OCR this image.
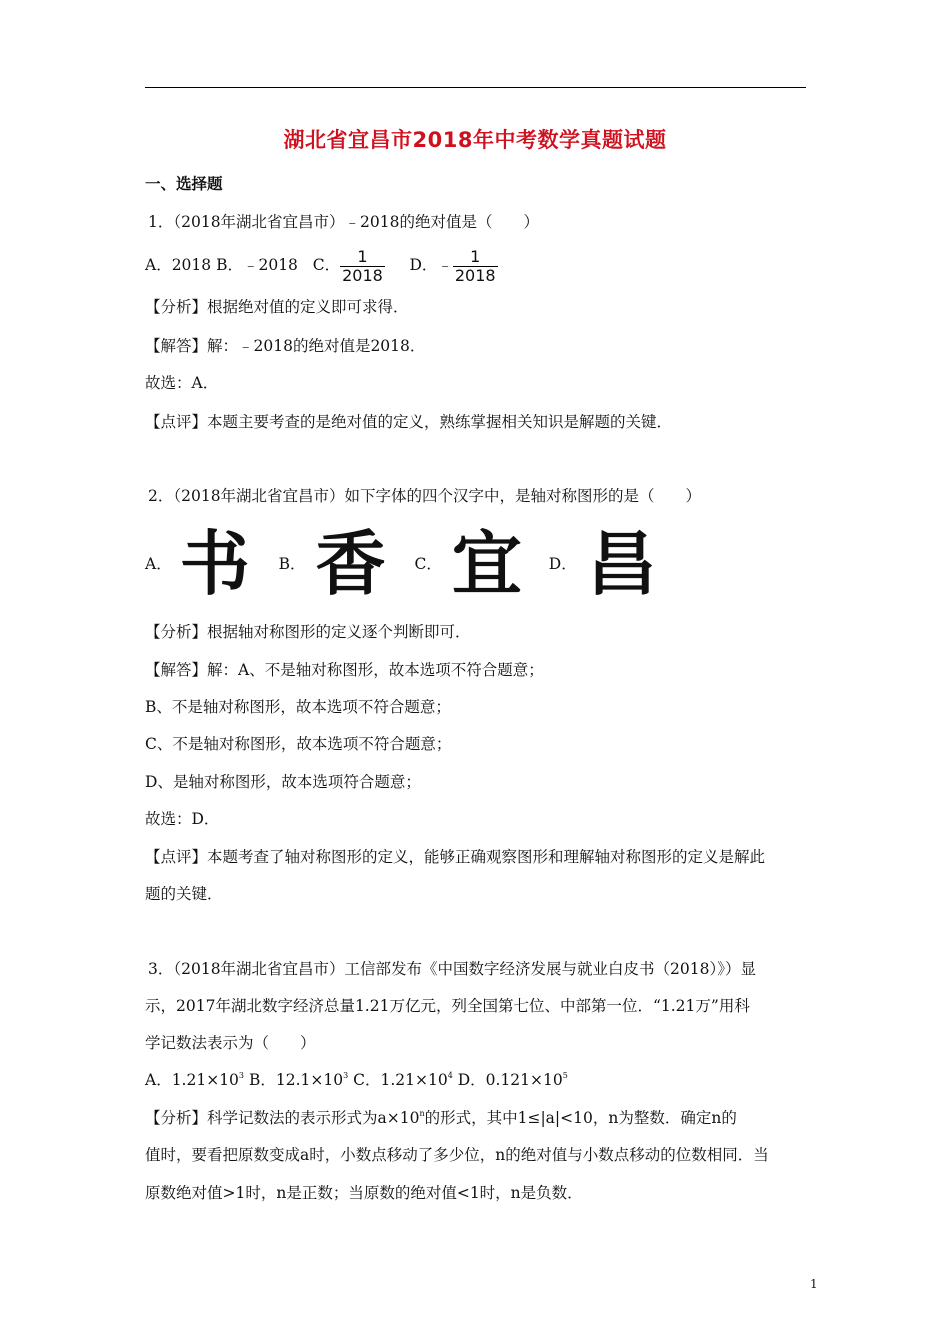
湖北省宜昌市2018年中考数学真题试题
一、选择题
1．（2018年湖北省宜昌市）﹣2018的绝对值是（　　）
A．2018 B．﹣2018 C． $\frac{1}{2018}$ D．﹣ $\frac{1}{2018}$
【分析】根据绝对值的定义即可求得．
【解答】解：﹣2018的绝对值是2018．
故选：A．
【点评】本题主要考查的是绝对值的定义，熟练掌握相关知识是解题的关键．
2．（2018年湖北省宜昌市）如下字体的四个汉字中，是轴对称图形的是（　　）
A． 书 B． 香 C． 宜 D． 昌
【分析】根据轴对称图形的定义逐个判断即可．
【解答】解：A、不是轴对称图形，故本选项不符合题意；
B、不是轴对称图形，故本选项不符合题意；
C、不是轴对称图形，故本选项不符合题意；
D、是轴对称图形，故本选项符合题意；
故选：D．
【点评】本题考查了轴对称图形的定义，能够正确观察图形和理解轴对称图形的定义是解此
题的关键．
3．（2018年湖北省宜昌市）工信部发布《中国数字经济发展与就业白皮书（2018）》）显
示，2017年湖北数字经济总量1.21万亿元，列全国第七位、中部第一位．“1.21万”用科
学记数法表示为（　　）
A．$1.21\times 10^3$ B．$12.1\times 10^3$ C．$1.21\times 10^4$ D．$0.121\times 10^5$
【分析】科学记数法的表示形式为$a\times 10^n$的形式，其中1≤|a|<10，n为整数．确定n的
值时，要看把原数变成a时，小数点移动了多少位，n的绝对值与小数点移动的位数相同．当
原数绝对值>1时，n是正数；当原数的绝对值<1时，n是负数．
1
